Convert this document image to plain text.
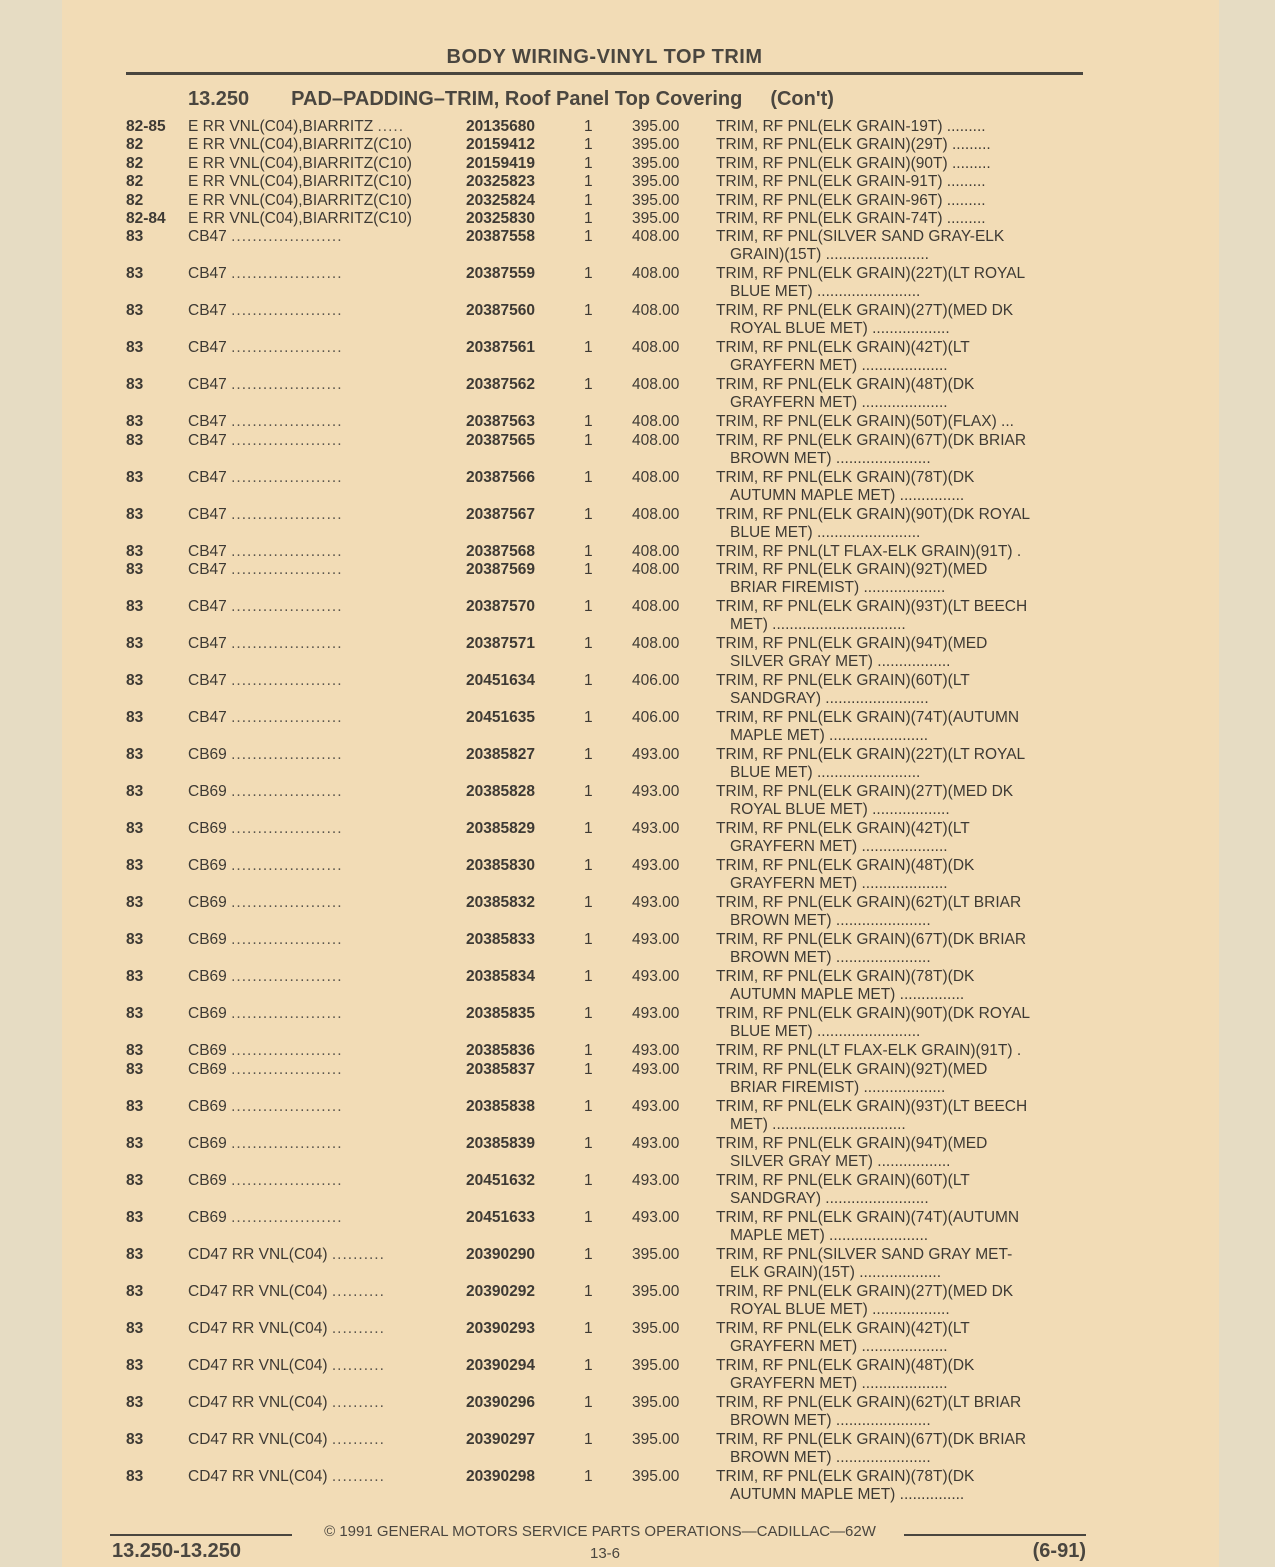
BODY WIRING-VINYL TOP TRIM
13.250 PAD–PADDING–TRIM, Roof Panel Top Covering (Con't)
82-85	E RR VNL(C04),BIARRITZ .....	20135680	1	395.00	TRIM, RF PNL(ELK GRAIN-19T) .........
82	E RR VNL(C04),BIARRITZ(C10)	20159412	1	395.00	TRIM, RF PNL(ELK GRAIN)(29T) .........
82	E RR VNL(C04),BIARRITZ(C10)	20159419	1	395.00	TRIM, RF PNL(ELK GRAIN)(90T) .........
82	E RR VNL(C04),BIARRITZ(C10)	20325823	1	395.00	TRIM, RF PNL(ELK GRAIN-91T) .........
82	E RR VNL(C04),BIARRITZ(C10)	20325824	1	395.00	TRIM, RF PNL(ELK GRAIN-96T) .........
82-84	E RR VNL(C04),BIARRITZ(C10)	20325830	1	395.00	TRIM, RF PNL(ELK GRAIN-74T) .........
83	CB47 .....................	20387558	1	408.00	TRIM, RF PNL(SILVER SAND GRAY-ELK
GRAIN)(15T) ........................
83	CB47 .....................	20387559	1	408.00	TRIM, RF PNL(ELK GRAIN)(22T)(LT ROYAL
BLUE MET) ........................
83	CB47 .....................	20387560	1	408.00	TRIM, RF PNL(ELK GRAIN)(27T)(MED DK
ROYAL BLUE MET) ..................
83	CB47 .....................	20387561	1	408.00	TRIM, RF PNL(ELK GRAIN)(42T)(LT
GRAYFERN MET) ....................
83	CB47 .....................	20387562	1	408.00	TRIM, RF PNL(ELK GRAIN)(48T)(DK
GRAYFERN MET) ....................
83	CB47 .....................	20387563	1	408.00	TRIM, RF PNL(ELK GRAIN)(50T)(FLAX) ...
83	CB47 .....................	20387565	1	408.00	TRIM, RF PNL(ELK GRAIN)(67T)(DK BRIAR
BROWN MET) ......................
83	CB47 .....................	20387566	1	408.00	TRIM, RF PNL(ELK GRAIN)(78T)(DK
AUTUMN MAPLE MET) ...............
83	CB47 .....................	20387567	1	408.00	TRIM, RF PNL(ELK GRAIN)(90T)(DK ROYAL
BLUE MET) ........................
83	CB47 .....................	20387568	1	408.00	TRIM, RF PNL(LT FLAX-ELK GRAIN)(91T) .
83	CB47 .....................	20387569	1	408.00	TRIM, RF PNL(ELK GRAIN)(92T)(MED
BRIAR FIREMIST) ...................
83	CB47 .....................	20387570	1	408.00	TRIM, RF PNL(ELK GRAIN)(93T)(LT BEECH
MET) ...............................
83	CB47 .....................	20387571	1	408.00	TRIM, RF PNL(ELK GRAIN)(94T)(MED
SILVER GRAY MET) .................
83	CB47 .....................	20451634	1	406.00	TRIM, RF PNL(ELK GRAIN)(60T)(LT
SANDGRAY) ........................
83	CB47 .....................	20451635	1	406.00	TRIM, RF PNL(ELK GRAIN)(74T)(AUTUMN
MAPLE MET) .......................
83	CB69 .....................	20385827	1	493.00	TRIM, RF PNL(ELK GRAIN)(22T)(LT ROYAL
BLUE MET) ........................
83	CB69 .....................	20385828	1	493.00	TRIM, RF PNL(ELK GRAIN)(27T)(MED DK
ROYAL BLUE MET) ..................
83	CB69 .....................	20385829	1	493.00	TRIM, RF PNL(ELK GRAIN)(42T)(LT
GRAYFERN MET) ....................
83	CB69 .....................	20385830	1	493.00	TRIM, RF PNL(ELK GRAIN)(48T)(DK
GRAYFERN MET) ....................
83	CB69 .....................	20385832	1	493.00	TRIM, RF PNL(ELK GRAIN)(62T)(LT BRIAR
BROWN MET) ......................
83	CB69 .....................	20385833	1	493.00	TRIM, RF PNL(ELK GRAIN)(67T)(DK BRIAR
BROWN MET) ......................
83	CB69 .....................	20385834	1	493.00	TRIM, RF PNL(ELK GRAIN)(78T)(DK
AUTUMN MAPLE MET) ...............
83	CB69 .....................	20385835	1	493.00	TRIM, RF PNL(ELK GRAIN)(90T)(DK ROYAL
BLUE MET) ........................
83	CB69 .....................	20385836	1	493.00	TRIM, RF PNL(LT FLAX-ELK GRAIN)(91T) .
83	CB69 .....................	20385837	1	493.00	TRIM, RF PNL(ELK GRAIN)(92T)(MED
BRIAR FIREMIST) ...................
83	CB69 .....................	20385838	1	493.00	TRIM, RF PNL(ELK GRAIN)(93T)(LT BEECH
MET) ...............................
83	CB69 .....................	20385839	1	493.00	TRIM, RF PNL(ELK GRAIN)(94T)(MED
SILVER GRAY MET) .................
83	CB69 .....................	20451632	1	493.00	TRIM, RF PNL(ELK GRAIN)(60T)(LT
SANDGRAY) ........................
83	CB69 .....................	20451633	1	493.00	TRIM, RF PNL(ELK GRAIN)(74T)(AUTUMN
MAPLE MET) .......................
83	CD47 RR VNL(C04) ..........	20390290	1	395.00	TRIM, RF PNL(SILVER SAND GRAY MET-
ELK GRAIN)(15T) ...................
83	CD47 RR VNL(C04) ..........	20390292	1	395.00	TRIM, RF PNL(ELK GRAIN)(27T)(MED DK
ROYAL BLUE MET) ..................
83	CD47 RR VNL(C04) ..........	20390293	1	395.00	TRIM, RF PNL(ELK GRAIN)(42T)(LT
GRAYFERN MET) ....................
83	CD47 RR VNL(C04) ..........	20390294	1	395.00	TRIM, RF PNL(ELK GRAIN)(48T)(DK
GRAYFERN MET) ....................
83	CD47 RR VNL(C04) ..........	20390296	1	395.00	TRIM, RF PNL(ELK GRAIN)(62T)(LT BRIAR
BROWN MET) ......................
83	CD47 RR VNL(C04) ..........	20390297	1	395.00	TRIM, RF PNL(ELK GRAIN)(67T)(DK BRIAR
BROWN MET) ......................
83	CD47 RR VNL(C04) ..........	20390298	1	395.00	TRIM, RF PNL(ELK GRAIN)(78T)(DK
AUTUMN MAPLE MET) ...............
© 1991 GENERAL MOTORS SERVICE PARTS OPERATIONS—CADILLAC—62W
13.250-13.250	13-6	(6-91)
